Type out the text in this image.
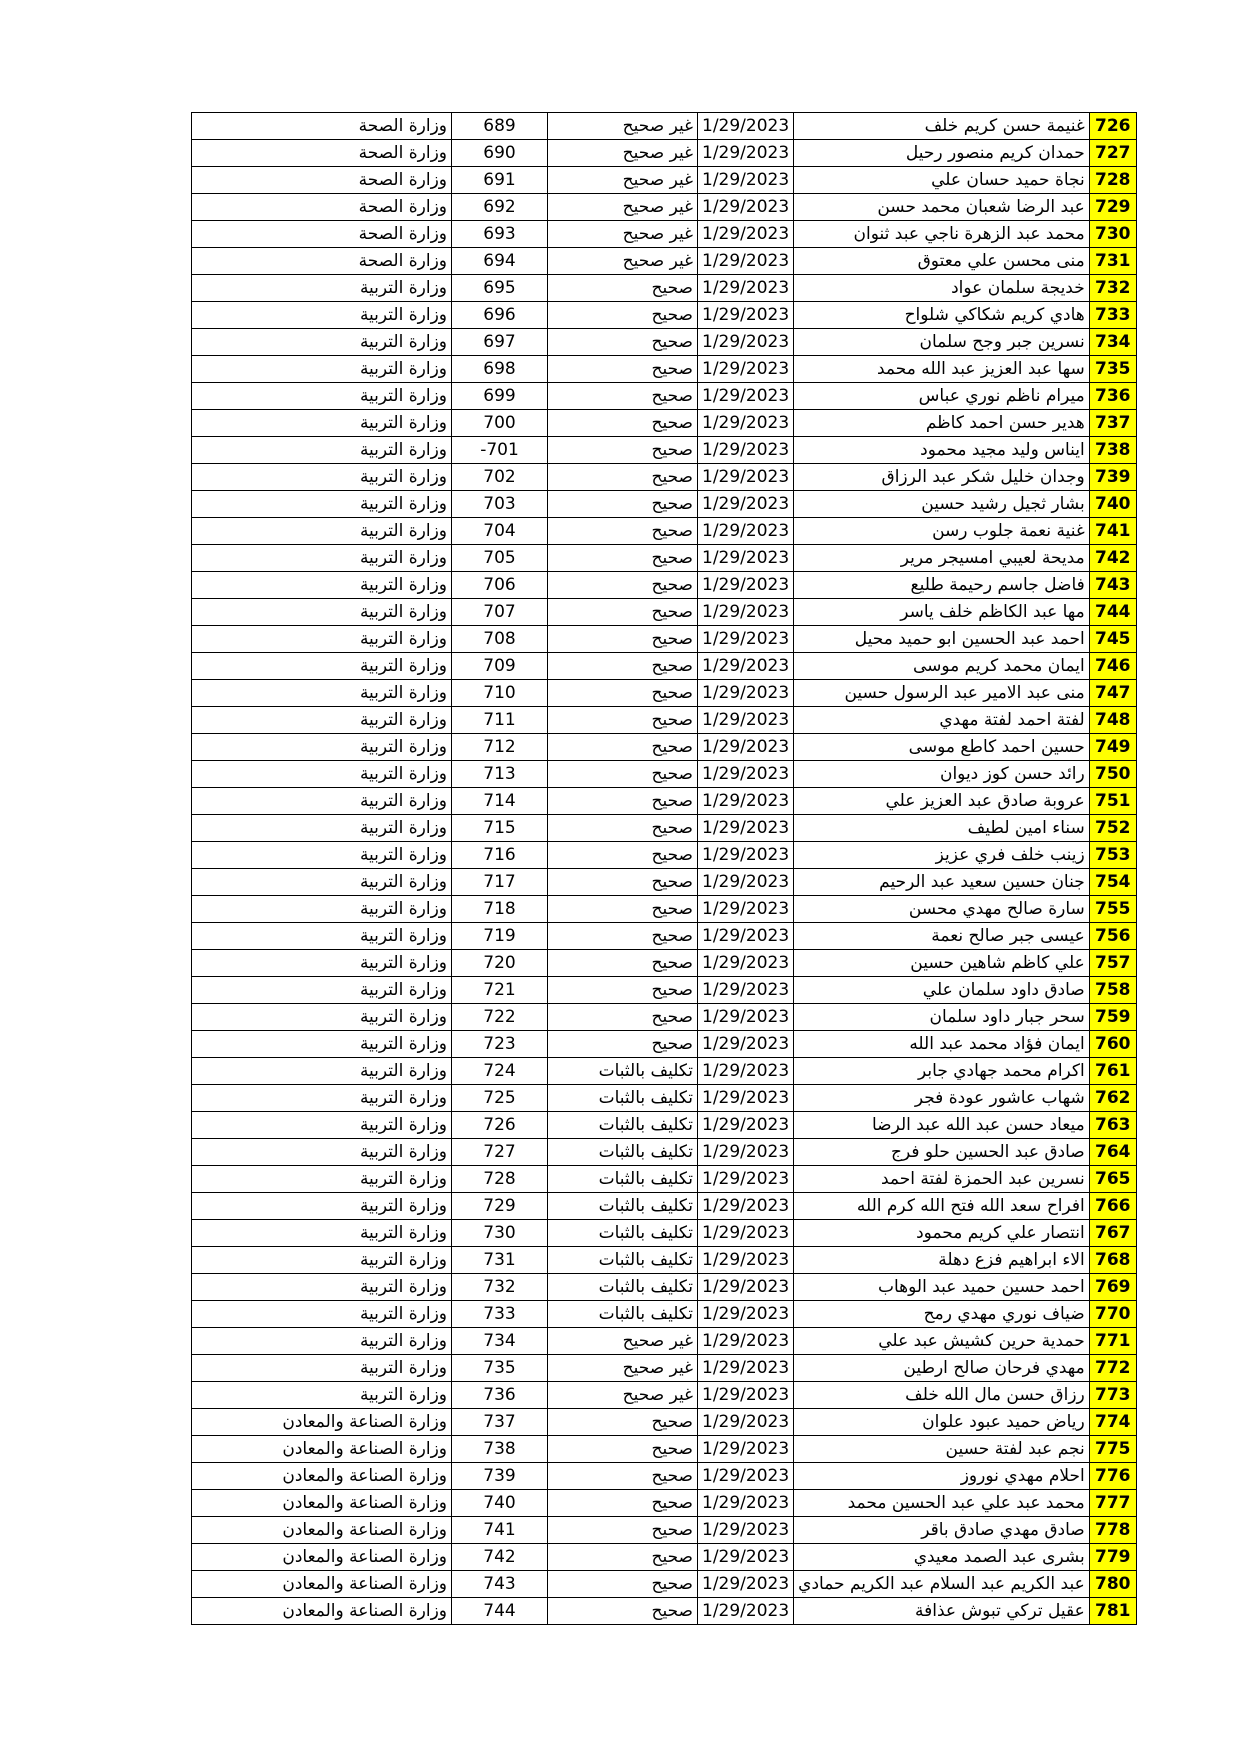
وزارة الصحة	689	غير صحيح	1/29/2023	غنيمة حسن كريم خلف	726
وزارة الصحة	690	غير صحيح	1/29/2023	حمدان كريم منصور رحيل	727
وزارة الصحة	691	غير صحيح	1/29/2023	نجاة حميد حسان علي	728
وزارة الصحة	692	غير صحيح	1/29/2023	عبد الرضا شعبان محمد حسن	729
وزارة الصحة	693	غير صحيح	1/29/2023	محمد عبد الزهرة ناجي عبد ثنوان	730
وزارة الصحة	694	غير صحيح	1/29/2023	منى محسن علي معتوق	731
وزارة التربية	695	صحيح	1/29/2023	خديجة سلمان عواد	732
وزارة التربية	696	صحيح	1/29/2023	هادي كريم شكاكي شلواح	733
وزارة التربية	697	صحيح	1/29/2023	نسرين جبر وجح سلمان	734
وزارة التربية	698	صحيح	1/29/2023	سها عبد العزيز عبد الله محمد	735
وزارة التربية	699	صحيح	1/29/2023	ميرام ناظم نوري عباس	736
وزارة التربية	700	صحيح	1/29/2023	هدير حسن احمد كاظم	737
وزارة التربية	-701	صحيح	1/29/2023	ايناس وليد مجيد محمود	738
وزارة التربية	702	صحيح	1/29/2023	وجدان خليل شكر عبد الرزاق	739
وزارة التربية	703	صحيح	1/29/2023	بشار ثجيل رشيد حسين	740
وزارة التربية	704	صحيح	1/29/2023	غنية نعمة جلوب رسن	741
وزارة التربية	705	صحيح	1/29/2023	مديحة لعيبي امسيجر مرير	742
وزارة التربية	706	صحيح	1/29/2023	فاضل جاسم رحيمة طليع	743
وزارة التربية	707	صحيح	1/29/2023	مها عبد الكاظم خلف ياسر	744
وزارة التربية	708	صحيح	1/29/2023	احمد عبد الحسين ابو حميد محيل	745
وزارة التربية	709	صحيح	1/29/2023	ايمان محمد كريم موسى	746
وزارة التربية	710	صحيح	1/29/2023	منى عبد الامير عبد الرسول حسين	747
وزارة التربية	711	صحيح	1/29/2023	لفتة احمد لفتة مهدي	748
وزارة التربية	712	صحيح	1/29/2023	حسين احمد كاطع موسى	749
وزارة التربية	713	صحيح	1/29/2023	رائد حسن كوز ديوان	750
وزارة التربية	714	صحيح	1/29/2023	عروبة صادق عبد العزيز علي	751
وزارة التربية	715	صحيح	1/29/2023	سناء امين لطيف	752
وزارة التربية	716	صحيح	1/29/2023	زينب خلف فري عزيز	753
وزارة التربية	717	صحيح	1/29/2023	جنان حسين سعيد عبد الرحيم	754
وزارة التربية	718	صحيح	1/29/2023	سارة صالح مهدي محسن	755
وزارة التربية	719	صحيح	1/29/2023	عيسى جبر صالح نعمة	756
وزارة التربية	720	صحيح	1/29/2023	علي كاظم شاهين حسين	757
وزارة التربية	721	صحيح	1/29/2023	صادق داود سلمان علي	758
وزارة التربية	722	صحيح	1/29/2023	سحر جبار داود سلمان	759
وزارة التربية	723	صحيح	1/29/2023	ايمان فؤاد محمد عبد الله	760
وزارة التربية	724	تكليف بالثبات	1/29/2023	اكرام محمد جهادي جابر	761
وزارة التربية	725	تكليف بالثبات	1/29/2023	شهاب عاشور عودة فجر	762
وزارة التربية	726	تكليف بالثبات	1/29/2023	ميعاد حسن عبد الله عبد الرضا	763
وزارة التربية	727	تكليف بالثبات	1/29/2023	صادق عبد الحسين حلو فرج	764
وزارة التربية	728	تكليف بالثبات	1/29/2023	نسرين عبد الحمزة لفتة احمد	765
وزارة التربية	729	تكليف بالثبات	1/29/2023	افراح سعد الله فتح الله كرم الله	766
وزارة التربية	730	تكليف بالثبات	1/29/2023	انتصار علي كريم محمود	767
وزارة التربية	731	تكليف بالثبات	1/29/2023	الاء ابراهيم فزع دهلة	768
وزارة التربية	732	تكليف بالثبات	1/29/2023	احمد حسين حميد عبد الوهاب	769
وزارة التربية	733	تكليف بالثبات	1/29/2023	ضياف نوري مهدي رمح	770
وزارة التربية	734	غير صحيح	1/29/2023	حمدية حرين كشيش عبد علي	771
وزارة التربية	735	غير صحيح	1/29/2023	مهدي فرحان صالح ارطين	772
وزارة التربية	736	غير صحيح	1/29/2023	رزاق حسن مال الله خلف	773
وزارة الصناعة والمعادن	737	صحيح	1/29/2023	رياض حميد عبود علوان	774
وزارة الصناعة والمعادن	738	صحيح	1/29/2023	نجم عبد لفتة حسين	775
وزارة الصناعة والمعادن	739	صحيح	1/29/2023	احلام مهدي نوروز	776
وزارة الصناعة والمعادن	740	صحيح	1/29/2023	محمد عبد علي عبد الحسين محمد	777
وزارة الصناعة والمعادن	741	صحيح	1/29/2023	صادق مهدي صادق باقر	778
وزارة الصناعة والمعادن	742	صحيح	1/29/2023	بشرى عبد الصمد معيدي	779
وزارة الصناعة والمعادن	743	صحيح	1/29/2023	عبد الكريم عبد السلام عبد الكريم حمادي	780
وزارة الصناعة والمعادن	744	صحيح	1/29/2023	عقيل تركي تبوش عذافة	781
